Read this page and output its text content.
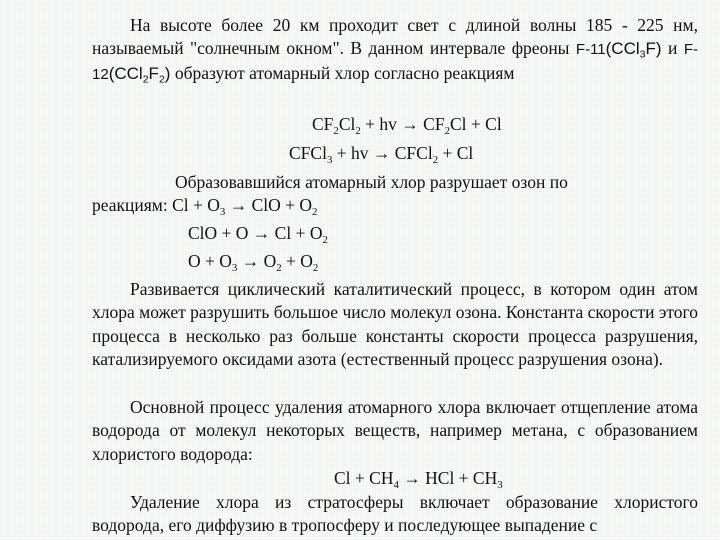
На высоте более 20 км проходит свет с длиной волны 185 - 225 нм, называемый "солнечным окном". В данном интервале фреоны F-11(CCl$_3$F) и $F-12(CCl_2F_2)$ образуют атомарный хлор согласно реакциям
$CF_2Cl_2$ + hv → $CF_2Cl + Cl$
CFCl$_3$ + hv → CFCl$_2$ + Cl
Образовавшийся атомарный хлор разрушает озон по
реакциям: $Cl + O_3$ → ClO + $O_2$
ClO + $O \to Cl + O_2$
$O + O_3 \to O_2 + O_2$
Развивается циклический каталитический процесс, в котором один атом хлора может разрушить большое число молекул озона. Константа скорости этого процесса в несколько раз больше константы скорости процесса разрушения, катализируемого оксидами азота (естественный процесс разрушения озона).
Основной процесс удаления атомарного хлора включает отщепление атома водорода от молекул некоторых веществ, например метана, с образованием хлористого водорода:
$Cl + CH_4$ → HCl + $CH_3$
Удаление хлора из стратосферы включает образование хлористого водорода, его диффузию в тропосферу и последующее выпадение с
